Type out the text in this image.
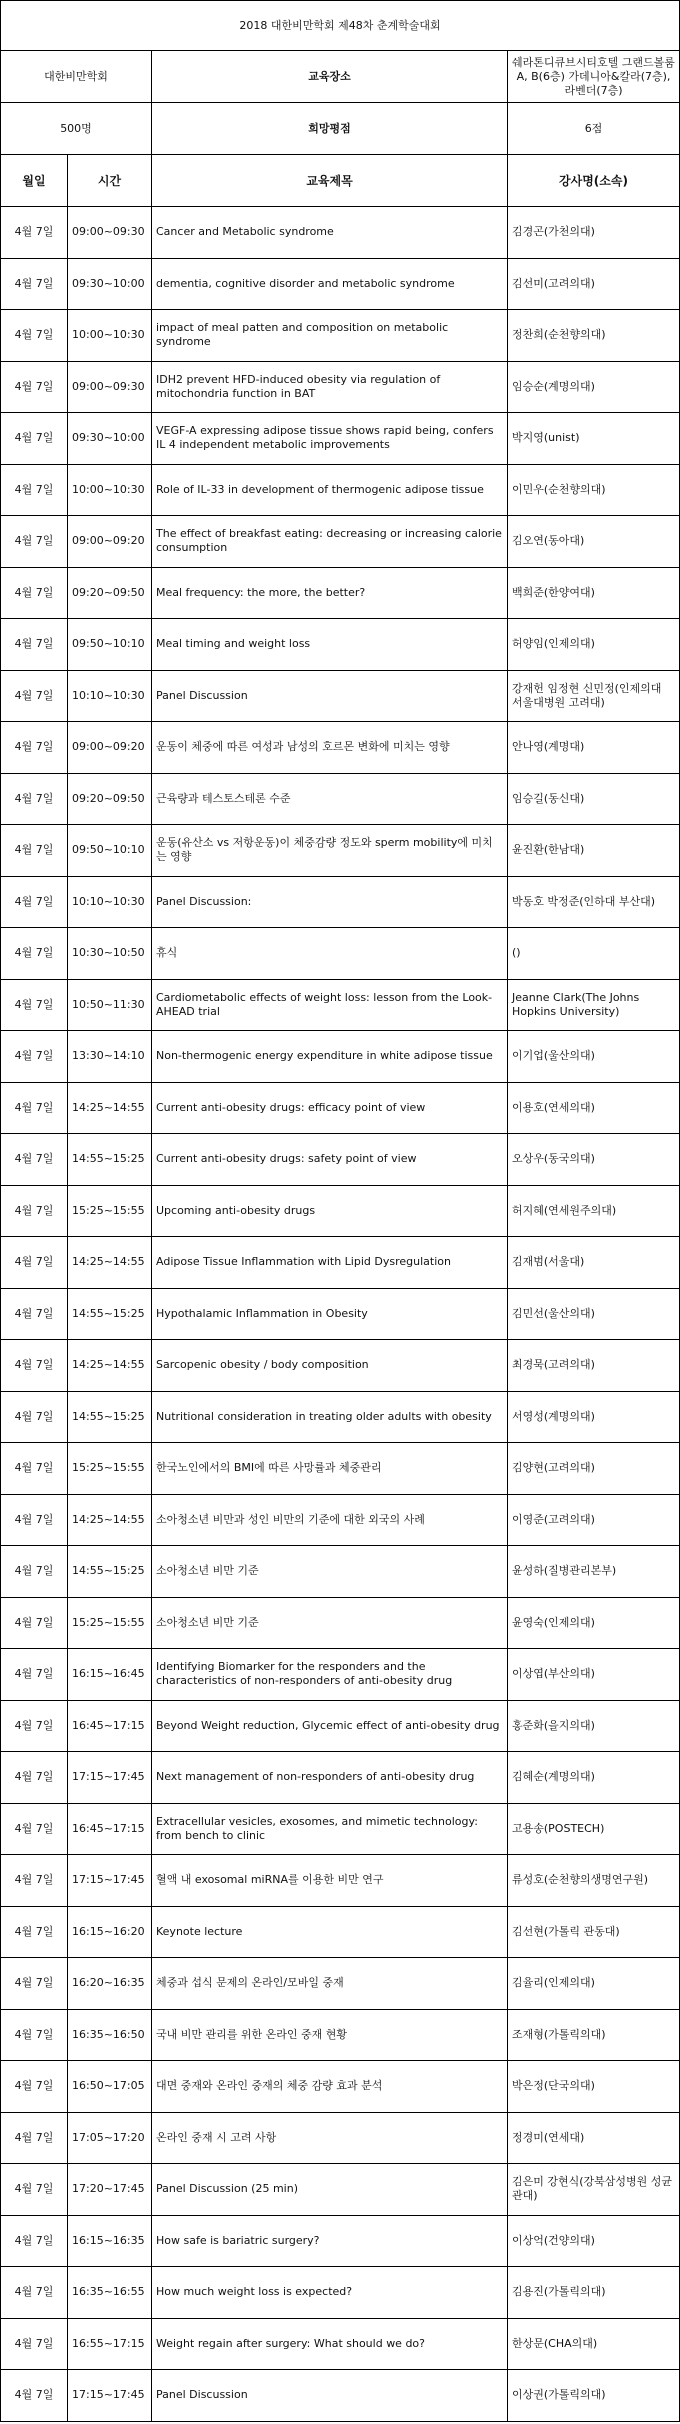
2018 대한비만학회 제48차 춘계학술대회			
대한비만학회		교육장소	쉐라톤디큐브시티호텔 그랜드볼룸 A, B(6층) 가데니아&칼라(7층), 라벤더(7층)
500명		희망평점	6점
월일	시간	교육제목	강사명(소속)
4월 7일	09:00~09:30	Cancer and Metabolic syndrome	김경곤(가천의대)
4월 7일	09:30~10:00	dementia, cognitive disorder and metabolic syndrome	김선미(고려의대)
4월 7일	10:00~10:30	impact of meal patten and composition on metabolic syndrome	정찬희(순천향의대)
4월 7일	09:00~09:30	IDH2 prevent HFD-induced obesity via regulation of mitochondria function in BAT	임승순(계명의대)
4월 7일	09:30~10:00	VEGF-A expressing adipose tissue shows rapid being, confers IL 4 independent metabolic improvements	박지영(unist)
4월 7일	10:00~10:30	Role of IL-33 in development of thermogenic adipose tissue	이민우(순천향의대)
4월 7일	09:00~09:20	The effect of breakfast eating: decreasing or increasing calorie consumption	김오연(동아대)
4월 7일	09:20~09:50	Meal frequency: the more, the better?	백희준(한양여대)
4월 7일	09:50~10:10	Meal timing and weight loss	허양임(인제의대)
4월 7일	10:10~10:30	Panel Discussion	강재헌 임정현 신민정(인제의대 서울대병원 고려대)
4월 7일	09:00~09:20	운동이 체중에 따른 여성과 남성의 호르몬 변화에 미치는 영향	안나영(계명대)
4월 7일	09:20~09:50	근육량과 테스토스테론 수준	임승길(동신대)
4월 7일	09:50~10:10	운동(유산소 vs 저항운동)이 체중감량 정도와 sperm mobility에 미치는 영향	윤진환(한남대)
4월 7일	10:10~10:30	Panel Discussion:	박동호 박정준(인하대 부산대)
4월 7일	10:30~10:50	휴식	()
4월 7일	10:50~11:30	Cardiometabolic effects of weight loss: lesson from the Look-AHEAD trial	Jeanne Clark(The Johns Hopkins University)
4월 7일	13:30~14:10	Non-thermogenic energy expenditure in white adipose tissue	이기업(울산의대)
4월 7일	14:25~14:55	Current anti-obesity drugs: efficacy point of view	이용호(연세의대)
4월 7일	14:55~15:25	Current anti-obesity drugs: safety point of view	오상우(동국의대)
4월 7일	15:25~15:55	Upcoming anti-obesity drugs	허지혜(연세원주의대)
4월 7일	14:25~14:55	Adipose Tissue Inflammation with Lipid Dysregulation	김재범(서울대)
4월 7일	14:55~15:25	Hypothalamic Inflammation in Obesity	김민선(울산의대)
4월 7일	14:25~14:55	Sarcopenic obesity / body composition	최경묵(고려의대)
4월 7일	14:55~15:25	Nutritional consideration in treating older adults with obesity	서영성(계명의대)
4월 7일	15:25~15:55	한국노인에서의 BMI에 따른 사망률과 체중관리	김양현(고려의대)
4월 7일	14:25~14:55	소아청소년 비만과 성인 비만의 기준에 대한 외국의 사례	이영준(고려의대)
4월 7일	14:55~15:25	소아청소년 비만 기준	윤성하(질병관리본부)
4월 7일	15:25~15:55	소아청소년 비만 기준	윤영숙(인제의대)
4월 7일	16:15~16:45	Identifying Biomarker for the responders and the characteristics of non-responders of anti-obesity drug	이상엽(부산의대)
4월 7일	16:45~17:15	Beyond Weight reduction, Glycemic effect of anti-obesity drug	홍준화(을지의대)
4월 7일	17:15~17:45	Next management of non-responders of anti-obesity drug	김혜순(계명의대)
4월 7일	16:45~17:15	Extracellular vesicles, exosomes, and mimetic technology: from bench to clinic	고용송(POSTECH)
4월 7일	17:15~17:45	혈액 내 exosomal miRNA를 이용한 비만 연구	류성호(순천향의생명연구원)
4월 7일	16:15~16:20	Keynote lecture	김선현(가톨릭 관동대)
4월 7일	16:20~16:35	체중과 섭식 문제의 온라인/모바일 중재	김율리(인제의대)
4월 7일	16:35~16:50	국내 비만 관리를 위한 온라인 중재 현황	조재형(가톨릭의대)
4월 7일	16:50~17:05	대면 중재와 온라인 중재의 체중 감량 효과 분석	박은정(단국의대)
4월 7일	17:05~17:20	온라인 중재 시 고려 사항	정경미(연세대)
4월 7일	17:20~17:45	Panel Discussion (25 min)	김은미 강현식(강북삼성병원 성균관대)
4월 7일	16:15~16:35	How safe is bariatric surgery?	이상억(건양의대)
4월 7일	16:35~16:55	How much weight loss is expected?	김용진(가톨릭의대)
4월 7일	16:55~17:15	Weight regain after surgery: What should we do?	한상문(CHA의대)
4월 7일	17:15~17:45	Panel Discussion	이상권(가톨릭의대)
